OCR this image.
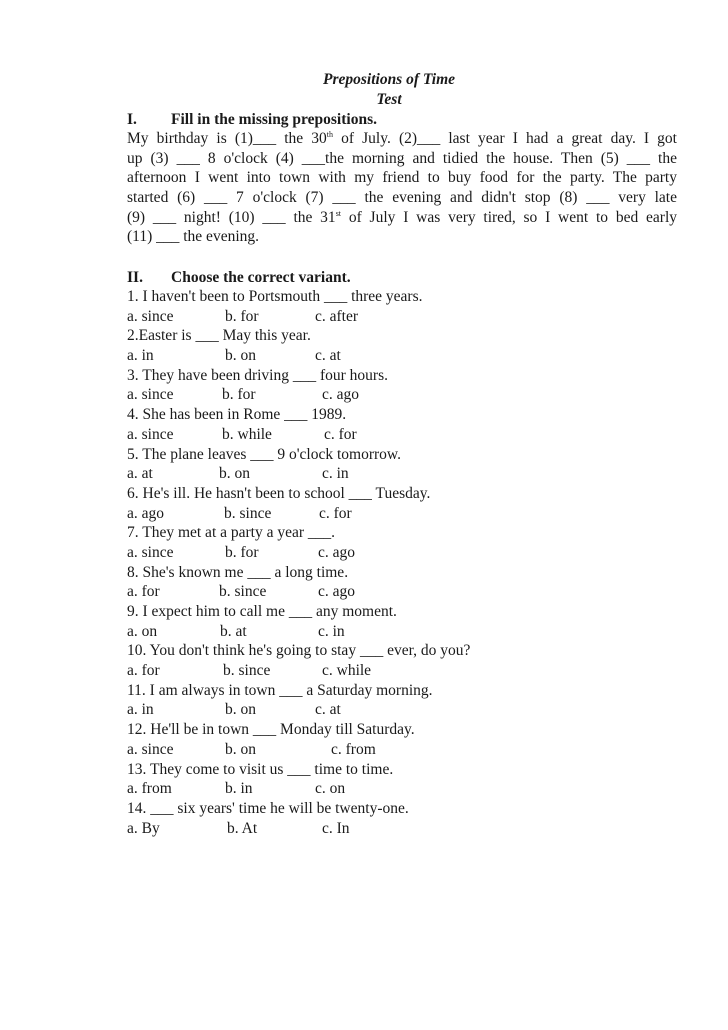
Prepositions of Time
Test
I. Fill in the missing prepositions.
My birthday is (1)___ the 30th of July. (2)___ last year I had a great day. I got
up (3) ___ 8 o'clock (4) ___the morning and tidied the house. Then (5) ___ the
afternoon I went into town with my friend to buy food for the party. The party
started (6) ___ 7 o'clock (7) ___ the evening and didn't stop (8) ___ very late
(9) ___ night! (10) ___ the 31st of July I was very tired, so I went to bed early
(11) ___ the evening.
II. Choose the correct variant.
1. I haven't been to Portsmouth ___ three years.
a. since	b. for	c. after
2.Easter is ___ May this year.
a. in	b. on	c. at
3. They have been driving ___ four hours.
a. since	b. for	c. ago
4. She has been in Rome ___ 1989.
a. since	b. while	c. for
5. The plane leaves ___ 9 o'clock tomorrow.
a. at	b. on	c. in
6. He's ill. He hasn't been to school ___ Tuesday.
a. ago	b. since	c. for
7. They met at a party a year ___.
a. since	b. for	c. ago
8. She's known me ___ a long time.
a. for	b. since	c. ago
9. I expect him to call me ___ any moment.
a. on	b. at	c. in
10. You don't think he's going to stay ___ ever, do you?
a. for	b. since	c. while
11. I am always in town ___ a Saturday morning.
a. in	b. on	c. at
12. He'll be in town ___ Monday till Saturday.
a. since	b. on	c. from
13. They come to visit us ___ time to time.
a. from	b. in	c. on
14. ___ six years' time he will be twenty-one.
a. By	b. At	c. In
